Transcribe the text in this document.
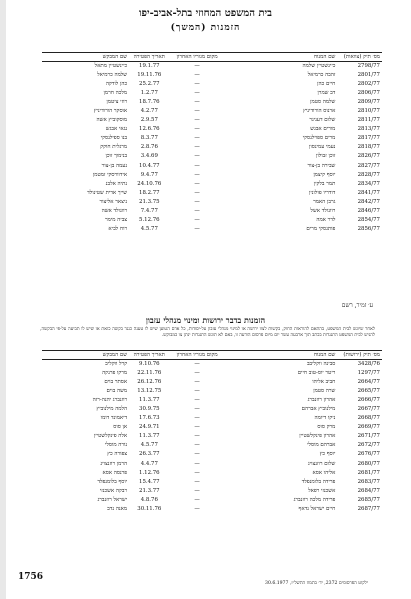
בית המשפט המחוזי בתל-אביב-יפו
הזמנות (המשך)
מס׳ תיק (צוואות)	שם המנוח	מקום מגוריו האחרון	תאריך הפטירה	שם המבקש
2798/77	כיינשטיין שלמה	—	19.1.77	כיינשטיין מתאל
2801/77	זהבה כרמיאל	—	19.11.76	שלמה כרמיאל
2802/77	חיים כהן	—	25.2.77	כהן לודקה
2806/77	דב שמרן	—	1.2.77	מלכה חרמן
2809/77	שלמה סטמן	—	18.7.76	רוזי ציטמן
2810/77	ארנוס הורודיניץ	—	4.2.77	אוסקר הורודיניץ
2811/77	שלום דענינר	—	2.9.57	מוסקוביץ אשה
2813/77	מורים אבגש	—	12.6.76	נגאי אבגש
2817/77	מרים ספוילנסקי	—	8.3.77	בנו ספילנסקי
2818/77	נעמי עמינסון	—	2.8.76	מרגלית חוקק
2826/77	זוכן זבולון	—	3.4.69	בנימוך זוכן
2827/77	שבירה בן-צור	—	10.4.77	נעמה בן-צור
2828/77	יוסף קיצמן	—	9.4.77	אידוורסקי זמטמן
2834/77	תמר בלקין	—	24.10.76	נתיה אלבנ
2841/77	דודריו פולונין	—	18.2.77	שייך אדית שטינולד
2842/77	גרבן האמר	—	21.3.75	ניצאר אליצור
2846/77	רוונולד אשל	—	7.4.77	רוונולד אשה
2854/77	לדר אמה	—	5.12.76	צביה מימר
2856/77	פותגסקי מרים	—	4.5.77	רוח לביא
ע׳ זמיר, רשם
הזמנות בדבר ירושות ומינוי מנהלי עזבון
לאחר שיוגש לבית המשפט, בהתאם להוראות החוק, בקשות לצוו ירושה או למינוי מנהלי עזבון על-יסודות, כל אדם הטוען שיש לו טענה כנגד בקשה כזאת או שיש לו תביעה על-פי הבקשה, להגיש לבית המשפט התנגדות בכתב תוך ארבעה עשר יום מיום פרסום הודעה זו, באם לא תוגש התנגדות ינתן צו כמבוקש.
מס׳ תיק (ירושות)	שם המנוח	מקום מגוריו האחרון	תאריך הפטירה	שם המבקש
3428/76	סבינה ווקליבב	—	9.10.76	קרל ווקליב
1297/77	ריטר יוס-טוב חיים	—	22.11.76	מרקו פרנקה
2664/77	חביב אליהו	—	26.12.76	אסתר בוים
2665/77	שרה סטמן	—	13.12.75	משה בוים
2666/77	אהרון רוזנברג	—	11.3.77	רוזנברג יהנה-רזה
2667/77	מילנוביץ אברהם	—	30.9.75	הלמה מילנוביץ
2668/77	ניקו דיומה	—	17.6.73	דיאמונד דומו
2669/77	מרק סוס	—	24.9.71	אן סוס
2671/77	אהרון פינקלשטיין	—	11.3.77	אלה פינקלשטיין
2672/77	אברהם מוסלי	—	4.5.77	נורה מוסלי
2676/77	יוסף כץ	—	26.3.77	צפורה כץ
2680/77	שלום רוזנצויג	—	4.4.77	הרמן רוזנצויג
2681/77	אליהו אסא	—	1.12.76	פרנסה אסא
2683/77	פרידה בלומנפלד	—	15.4.77	יוסף בלומנפלד
2684/77	אשכנזי רפאל	—	21.3.77	רבקה אשכנזי
2685/77	פרידה מלכה רוזנברג	—	4.8.76	ישראל רוזנברג
2687/77	חיים ישראל נדאף	—	30.11.76	מאנה נדב
1756
ילקוט הפרסומים 2372, יד׳ בתמוז התשל״ז, 30.6.1977
